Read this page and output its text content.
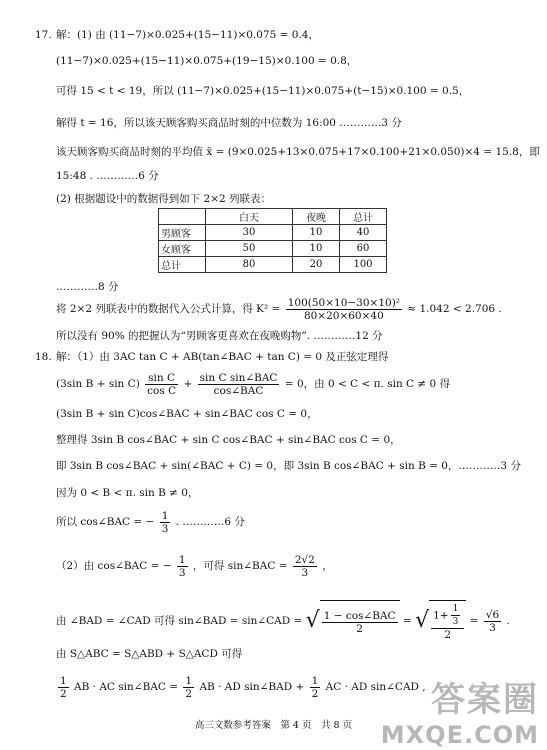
17. 解：(1) 由 (11−7)×0.025+(15−11)×0.075 = 0.4，
(11−7)×0.025+(15−11)×0.075+(19−15)×0.100 = 0.8，
可得 15 < t < 19，所以 (11−7)×0.025+(15−11)×0.075+(t−15)×0.100 = 0.5，
解得 t = 16，所以该天顾客购买商品时刻的中位数为 16:00 …………3 分
该天顾客购买商品时刻的平均值 x̄ = (9×0.025+13×0.075+17×0.100+21×0.050)×4 = 15.8，即
15:48 . …………6 分
(2) 根据题设中的数据得到如下 2×2 列联表：
	白天	夜晚	总计
男顾客	30	10	40
女顾客	50	10	60
总计	80	20	100
…………8 分
将 2×2 列联表中的数据代入公式计算，得 $K^2 = \frac{\text{100(50×10−30×10)²}}{80\times 20\times 60\times 40} \approx 1.042 < 2.706$ .
所以没有 90% 的把握认为“男顾客更喜欢在夜晚购物”. …………12 分
18. 解：（1）由 3AC tan C + AB(tan∠BAC + tan C) = 0 及正弦定理得
(3sin $B + \sin C) \frac{\text{sin C}}{\text{cos C}} + \frac{\text{sin C sin∠BAC}}{\text{cos∠BAC}} = 0$，由 0 < C < π. sin C ≠ 0 得
(3sin B + sin C)cos∠BAC + sin∠BAC cos C = 0，
整理得 3sin B cos∠BAC + sin C cos∠BAC + sin∠BAC cos C = 0，
即 3sin B cos∠BAC + sin(∠BAC + C) = 0，即 3sin B cos∠BAC + sin B = 0，…………3 分
因为 0 < B < π. sin B ≠ 0，
所以 cos∠BAC = − $\frac{1}{3}$ . …………6 分
（2）由 cos∠BAC = − $\frac{1}{3}$ ，可得 sin∠BAC = $\frac{2√2}{3}$ ，
由 ∠BAD = ∠CAD 可得 sin∠BAD = sin∠CAD = √ $\frac{\text{1 − cos∠BAC}}{2}$ = √ $\frac{1+ \frac{1}{3}}{2} = \frac{√6}{3}$ .
由 S△ABC = S△ABD + S△ACD 可得
$\frac{1}{2}$ AB · AC sin∠BAC = $\frac{1}{2}$ AB · AD sin∠BAD + $\frac{1}{2}$ AC · AD sin∠CAD ,
高三文数参考答案　第 4 页　共 8 页
答案圈
MXQE.COM
